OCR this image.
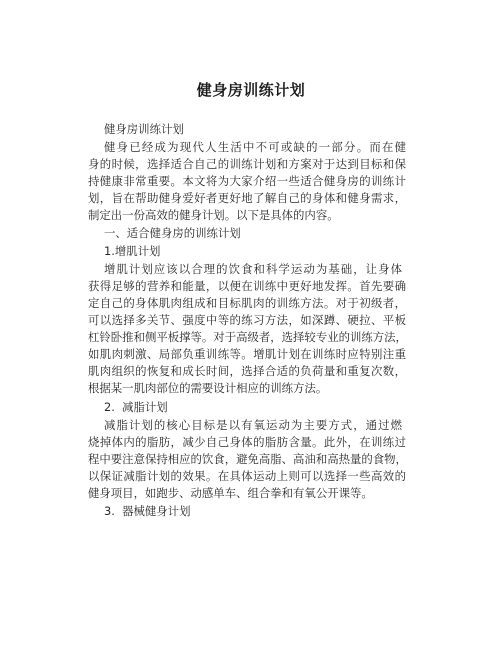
健身房训练计划
健身房训练计划
健身已经成为现代人生活中不可或缺的一部分。而在健
身的时候，选择适合自己的训练计划和方案对于达到目标和保
持健康非常重要。本文将为大家介绍一些适合健身房的训练计
划，旨在帮助健身爱好者更好地了解自己的身体和健身需求，
制定出一份高效的健身计划。以下是具体的内容。
一、适合健身房的训练计划
1.增肌计划
增肌计划应该以合理的饮食和科学运动为基础，让身体
获得足够的营养和能量，以便在训练中更好地发挥。首先要确
定自己的身体肌肉组成和目标肌肉的训练方法。对于初级者，
可以选择多关节、强度中等的练习方法，如深蹲、硬拉、平板
杠铃卧推和侧平板撑等。对于高级者，选择较专业的训练方法，
如肌肉刺激、局部负重训练等。增肌计划在训练时应特别注重
肌肉组织的恢复和成长时间，选择合适的负荷量和重复次数，
根据某一肌肉部位的需要设计相应的训练方法。
2.  减脂计划
减脂计划的核心目标是以有氧运动为主要方式，通过燃
烧掉体内的脂肪，减少自己身体的脂肪含量。此外，在训练过
程中要注意保持相应的饮食，避免高脂、高油和高热量的食物，
以保证减脂计划的效果。在具体运动上则可以选择一些高效的
健身项目，如跑步、动感单车、组合拳和有氧公开课等。
3.  器械健身计划
